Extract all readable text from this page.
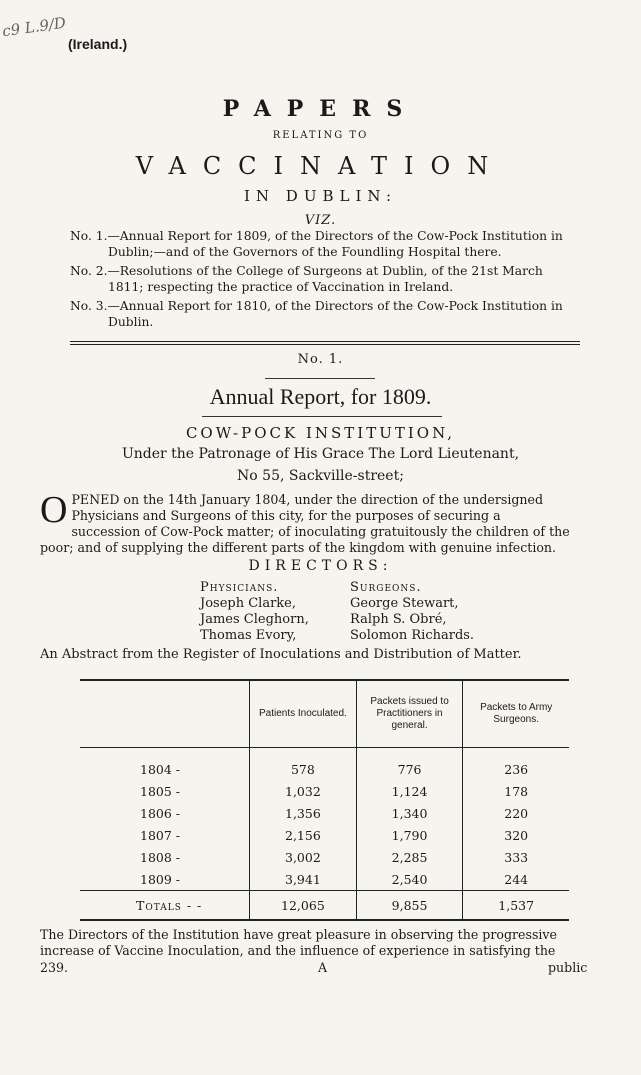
c9 L.9/D
(Ireland.)
PAPERS
RELATING TO
VACCINATION
IN DUBLIN:
VIZ.

No. 1.—Annual Report for 1809, of the Directors of the Cow-Pock Institution in Dublin;—and of the Governors of the Foundling Hospital there.

No. 2.—Resolutions of the College of Surgeons at Dublin, of the 21st March 1811; respecting the practice of Vaccination in Ireland.

No. 3.—Annual Report for 1810, of the Directors of the Cow-Pock Institution in Dublin.

No. 1.
Annual Report, for 1809.
COW-POCK INSTITUTION,
Under the Patronage of His Grace The Lord Lieutenant,
No 55, Sackville-street;
OPENED on the 14th January 1804, under the direction of the undersigned Physicians and Surgeons of this city, for the purposes of securing a succession of Cow-Pock matter; of inoculating gratuitously the children of the poor; and of supplying the different parts of the kingdom with genuine infection.
DIRECTORS:
Physicians.
Joseph Clarke,
James Cleghorn,
Thomas Evory,
Surgeons.
George Stewart,
Ralph S. Obré,
Solomon Richards.
An Abstract from the Register of Inoculations and Distribution of Matter.
	Patients Inoculated.	Packets issued to Practitioners in general.	Packets to Army Surgeons.
1804 -	578	776	236
1805 -	1,032	1,124	178
1806 -	1,356	1,340	220
1807 -	2,156	1,790	320
1808 -	3,002	2,285	333
1809 -	3,941	2,540	244
Totals - -	12,065	9,855	1,537
The Directors of the Institution have great pleasure in observing the progressive increase of Vaccine Inoculation, and the influence of experience in satisfying the
239.	A	public
